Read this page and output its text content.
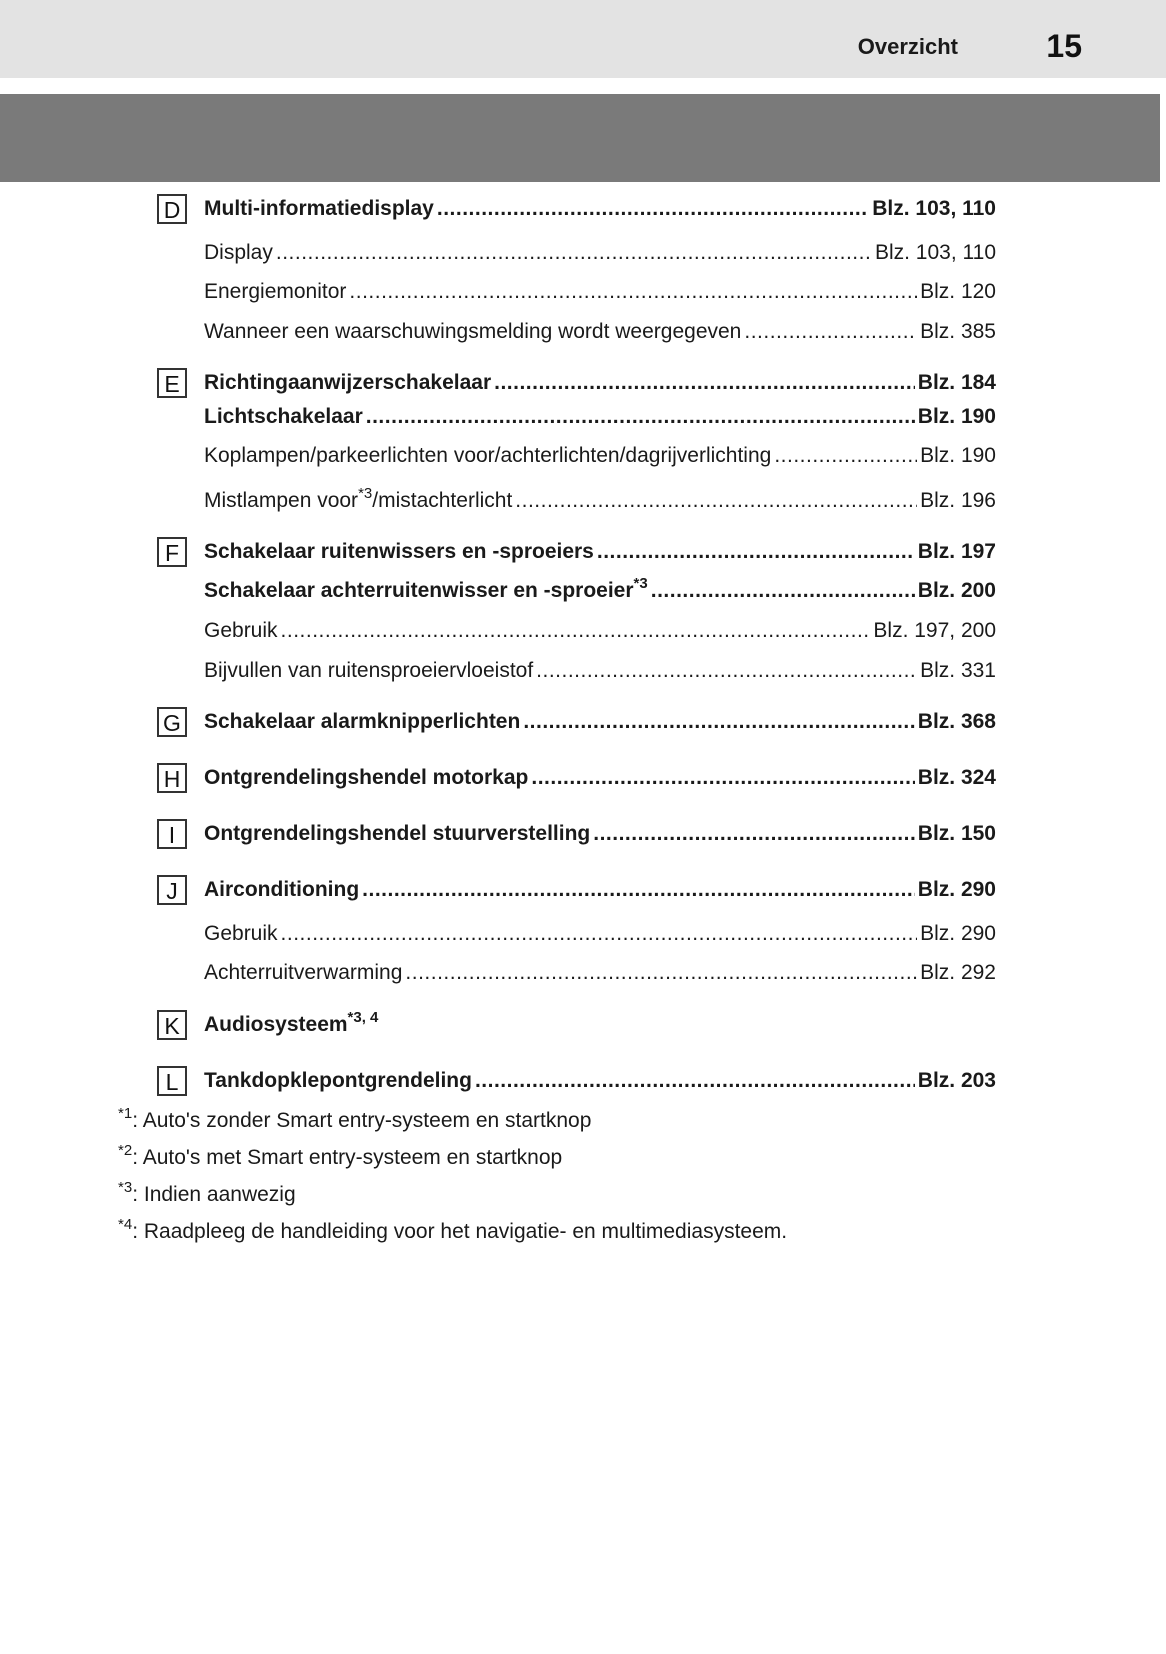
Overzicht	15
D	Multi-informatiedisplay .....	Blz. 103, 110
Display .....	Blz. 103, 110
Energiemonitor .....	Blz. 120
Wanneer een waarschuwingsmelding wordt weergegeven .....	Blz. 385
E	Richtingaanwijzerschakelaar .....	Blz. 184
Lichtschakelaar .....	Blz. 190
Koplampen/parkeerlichten voor/achterlichten/dagrijverlichting .....	Blz. 190
Mistlampen voor$^{*3}$/mistachterlicht .....	Blz. 196
F	Schakelaar ruitenwissers en -sproeiers .....	Blz. 197
Schakelaar achterruitenwisser en -sproeier$^{*3}$ .....	Blz. 200
Gebruik .....	Blz. 197, 200
Bijvullen van ruitensproeiervloeistof .....	Blz. 331
G Schakelaar alarmknipperlichten .....	Blz. 368
H	Ontgrendelingshendel motorkap .....	Blz. 324
I	Ontgrendelingshendel stuurverstelling .....	Blz. 150
J	Airconditioning .....	Blz. 290
Gebruik .....	Blz. 290
Achterruitverwarming .....	Blz. 292
K	Audiosysteem$^{*3, 4}$
L	Tankdopklepontgrendeling .....	Blz. 203
$^{*1}$: Auto's zonder Smart entry-systeem en startknop
$^{*2}$: Auto's met Smart entry-systeem en startknop
$^{*3}$: Indien aanwezig
$^{*4}$: Raadpleeg de handleiding voor het navigatie- en multimediasysteem.
